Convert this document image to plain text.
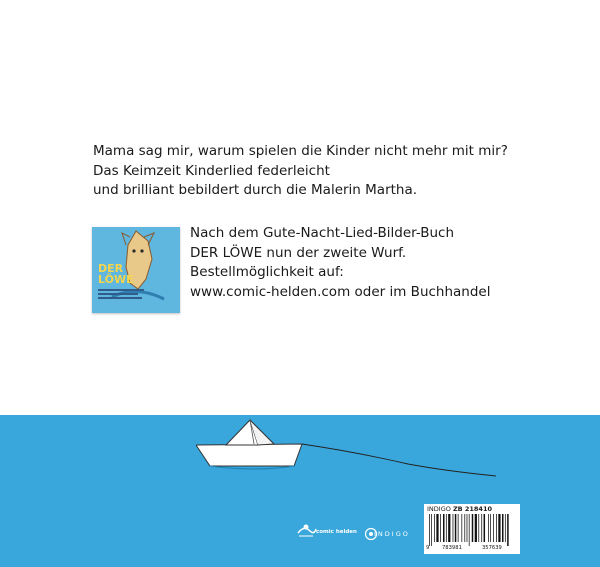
Mama sag mir, warum spielen die Kinder nicht mehr mit mir?
Das Keimzeit Kinderlied federleicht
und brilliant bebildert durch die Malerin Martha.
DER
LÖWE
Nach dem Gute-Nacht-Lied-Bilder-Buch
DER LÖWE nun der zweite Wurf.
Bestellmöglichkeit auf:
www.comic-helden.com oder im Buchhandel
comic helden	INDIGO
INDIGO ZB 218410
9 783981	357639
